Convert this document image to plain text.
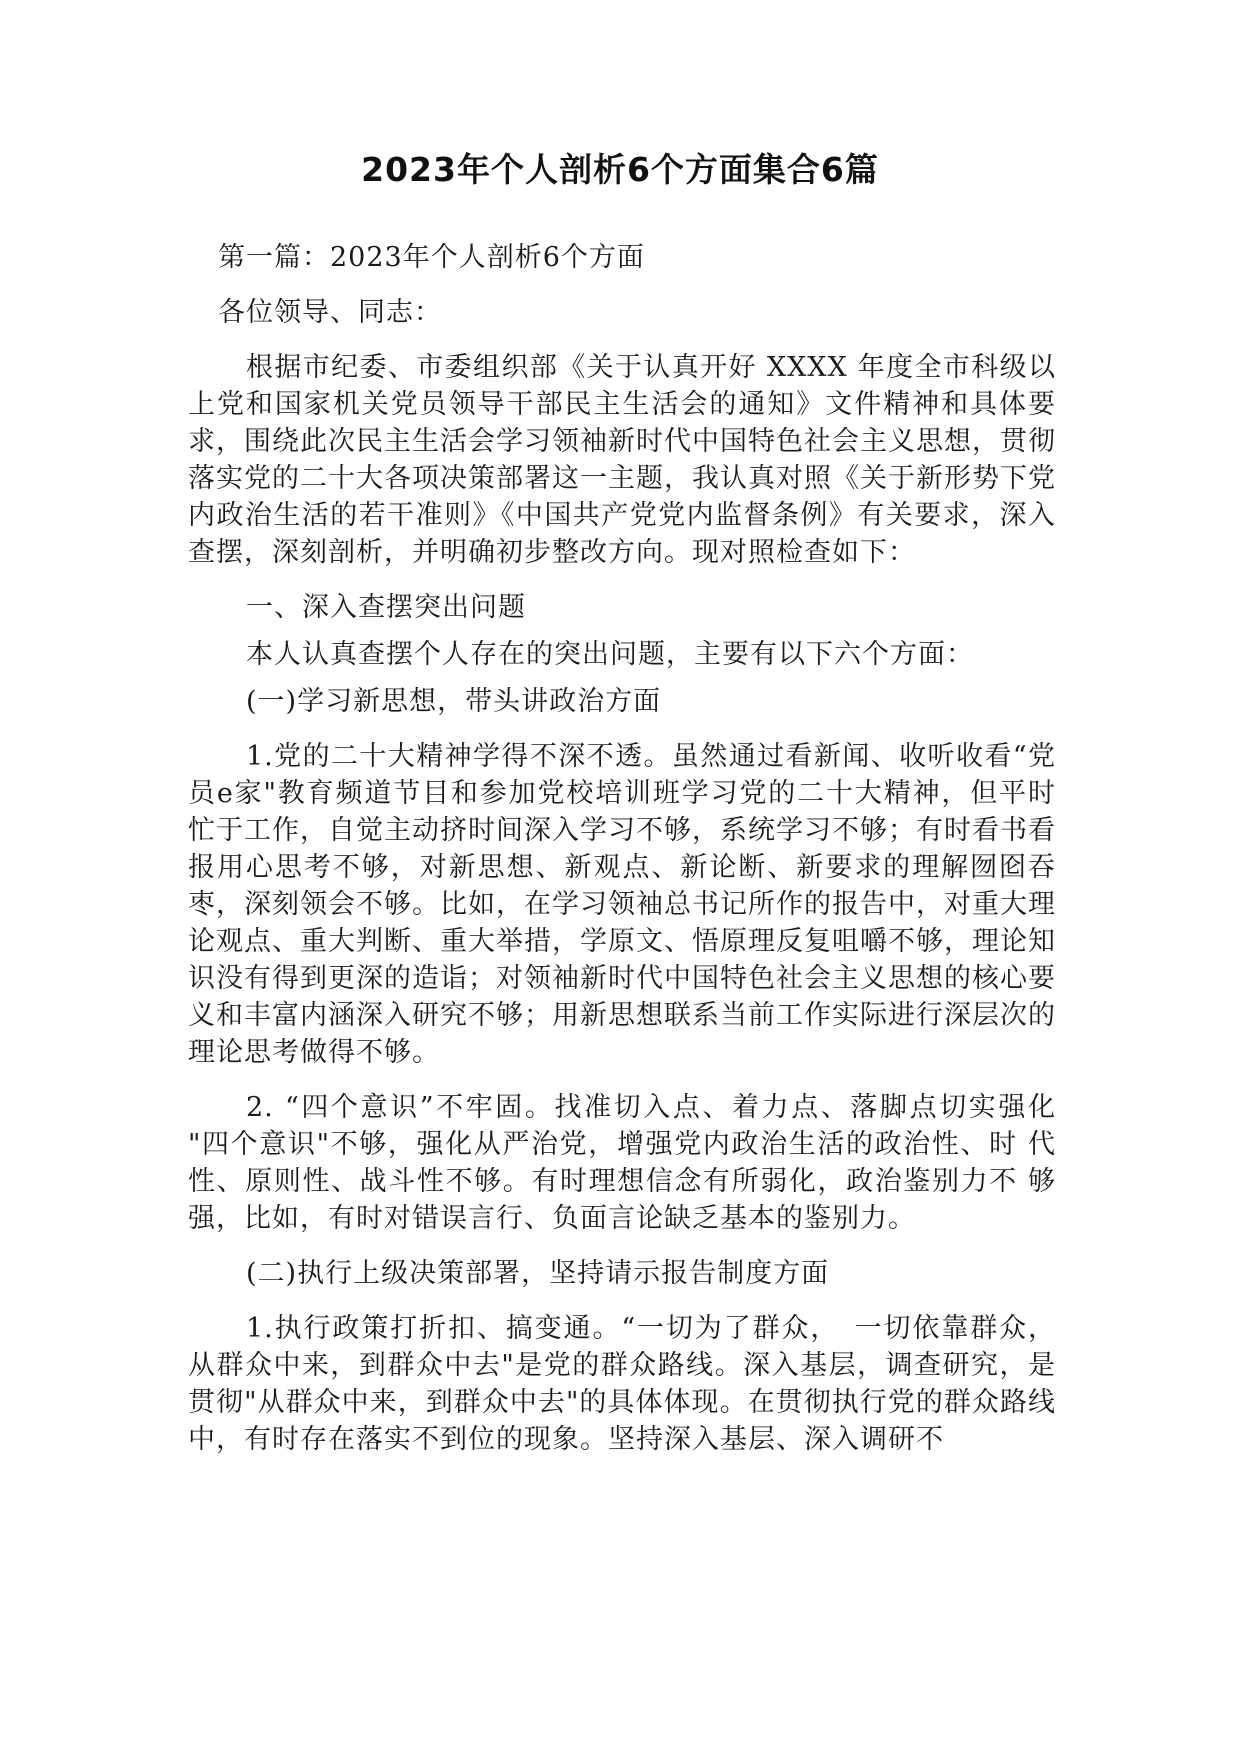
2023年个人剖析6个方面集合6篇

第一篇：2023年个人剖析6个方面

各位领导、同志：

根据市纪委、市委组织部《关于认真开好 XXXX 年度全市科级以上党和国家机关党员领导干部民主生活会的通知》文件精神和具体要求，围绕此次民主生活会学习领袖新时代中国特色社会主义思想，贯彻落实党的二十大各项决策部署这一主题，我认真对照《关于新形势下党内政治生活的若干准则》《中国共产党党内监督条例》有关要求，深入查摆，深刻剖析，并明确初步整改方向。现对照检查如下：

一、深入查摆突出问题

本人认真查摆个人存在的突出问题，主要有以下六个方面：

(一)学习新思想，带头讲政治方面

1.党的二十大精神学得不深不透。虽然通过看新闻、收听收看“党员e家"教育频道节目和参加党校培训班学习党的二十大精神，但平时忙于工作，自觉主动挤时间深入学习不够，系统学习不够；有时看书看报用心思考不够，对新思想、新观点、新论断、新要求的理解囫囵吞枣，深刻领会不够。比如，在学习领袖总书记所作的报告中，对重大理论观点、重大判断、重大举措，学原文、悟原理反复咀嚼不够，理论知识没有得到更深的造诣；对领袖新时代中国特色社会主义思想的核心要义和丰富内涵深入研究不够；用新思想联系当前工作实际进行深层次的理论思考做得不够。

2. “四个意识”不牢固。找准切入点、着力点、落脚点切实强化 "四个意识"不够，强化从严治党，增强党内政治生活的政治性、时 代性、原则性、战斗性不够。有时理想信念有所弱化，政治鉴别力不 够强，比如，有时对错误言行、负面言论缺乏基本的鉴别力。

(二)执行上级决策部署，坚持请示报告制度方面

1.执行政策打折扣、搞变通。“一切为了群众，　一切依靠群众，从群众中来，到群众中去"是党的群众路线。深入基层，调查研究，是贯彻"从群众中来，到群众中去"的具体体现。在贯彻执行党的群众路线中，有时存在落实不到位的现象。坚持深入基层、深入调研不
